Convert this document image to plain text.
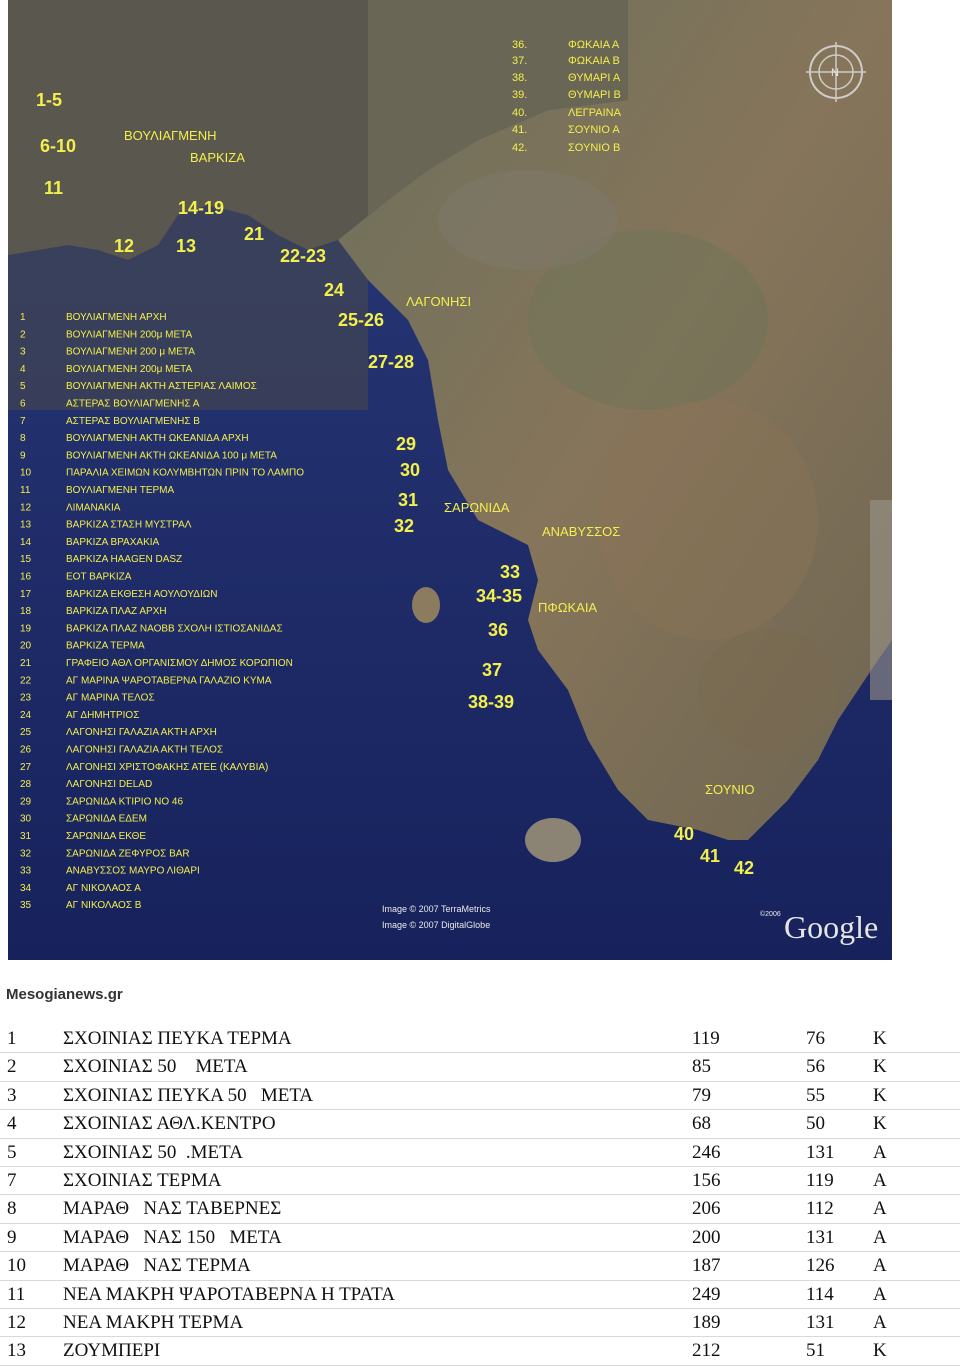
N
36.	ΦΩΚΑΙΑ Α
37.	ΦΩΚΑΙΑ Β
38.	ΘΥΜΑΡΙ Α
39.	ΘΥΜΑΡΙ Β
40.	ΛΕΓΡΑΙΝΑ
41.	ΣΟΥΝΙΟ Α
42.	ΣΟΥΝΙΟ Β
1	ΒΟΥΛΙΑΓΜΕΝΗ ΑΡΧΗ
2	ΒΟΥΛΙΑΓΜΕΝΗ 200μ ΜΕΤΑ
3	ΒΟΥΛΙΑΓΜΕΝΗ 200 μ ΜΕΤΑ
4	ΒΟΥΛΙΑΓΜΕΝΗ 200μ ΜΕΤΑ
5	ΒΟΥΛΙΑΓΜΕΝΗ ΑΚΤΗ ΑΣΤΕΡΙΑΣ ΛΑΙΜΟΣ
6	ΑΣΤΕΡΑΣ ΒΟΥΛΙΑΓΜΕΝΗΣ Α
7	ΑΣΤΕΡΑΣ ΒΟΥΛΙΑΓΜΕΝΗΣ Β
8	ΒΟΥΛΙΑΓΜΕΝΗ ΑΚΤΗ ΩΚΕΑΝΙΔΑ ΑΡΧΗ
9	ΒΟΥΛΙΑΓΜΕΝΗ ΑΚΤΗ ΩΚΕΑΝΙΔΑ 100 μ ΜΕΤΑ
10	ΠΑΡΑΛΙΑ ΧΕΙΜΩΝ ΚΟΛΥΜΒΗΤΩΝ ΠΡΙΝ ΤΟ ΛΑΜΠΟ
11	ΒΟΥΛΙΑΓΜΕΝΗ ΤΕΡΜΑ
12	ΛΙΜΑΝΑΚΙΑ
13	ΒΑΡΚΙΖΑ ΣΤΑΣΗ ΜΥΣΤΡΑΛ
14	ΒΑΡΚΙΖΑ ΒΡΑΧΑΚΙΑ
15	ΒΑΡΚΙΖΑ HAAGEN DASZ
16	ΕΟΤ ΒΑΡΚΙΖΑ
17	ΒΑΡΚΙΖΑ ΕΚΘΕΣΗ ΑΟΥΛΟΥΔΙΩΝ
18	ΒΑΡΚΙΖΑ ΠΛΑΖ ΑΡΧΗ
19	ΒΑΡΚΙΖΑ ΠΛΑΖ ΝΑΟΒΒ ΣΧΟΛΗ ΙΣΤΙΟΣΑΝΙΔΑΣ
20	ΒΑΡΚΙΖΑ ΤΕΡΜΑ
21	ΓΡΑΦΕΙΟ ΑΘΛ ΟΡΓΑΝΙΣΜΟΥ ΔΗΜΟΣ ΚΟΡΩΠΙΟΝ
22	ΑΓ ΜΑΡΙΝΑ ΨΑΡΟΤΑΒΕΡΝΑ ΓΑΛΑΖΙΟ ΚΥΜΑ
23	ΑΓ ΜΑΡΙΝΑ ΤΕΛΟΣ
24	ΑΓ ΔΗΜΗΤΡΙΟΣ
25	ΛΑΓΟΝΗΣΙ ΓΑΛΑΖΙΑ ΑΚΤΗ ΑΡΧΗ
26	ΛΑΓΟΝΗΣΙ ΓΑΛΑΖΙΑ ΑΚΤΗ ΤΕΛΟΣ
27	ΛΑΓΟΝΗΣΙ ΧΡΙΣΤΟΦΑΚΗΣ ΑΤΕΕ (ΚΑΛΥΒΙΑ)
28	ΛΑΓΟΝΗΣΙ DELAD
29	ΣΑΡΩΝΙΔΑ ΚΤΙΡΙΟ ΝΟ 46
30	ΣΑΡΩΝΙΔΑ ΕΔΕΜ
31	ΣΑΡΩΝΙΔΑ ΕΚΘΕ
32	ΣΑΡΩΝΙΔΑ ΖΕΦΥΡΟΣ BAR
33	ΑΝΑΒΥΣΣΟΣ ΜΑΥΡΟ ΛΙΘΑΡΙ
34	ΑΓ ΝΙΚΟΛΑΟΣ Α
35	ΑΓ ΝΙΚΟΛΑΟΣ Β
ΒΟΥΛΙΑΓΜΕΝΗ
ΒΑΡΚΙΖΑ
ΛΑΓΟΝΗΣΙ
ΣΑΡΩΝΙΔΑ
ΑΝΑΒΥΣΣΟΣ
ΠΦΩΚΑΙΑ
ΣΟΥΝΙΟ
1-5
6-10
11
14-19
12 13
21
22-23
24
25-26
27-28
29
30
31
32
33
34-35
36
37
38-39
40
41
42
Image © 2007 TerraMetrics
Image © 2007 DigitalGlobe
©2006 Google
Mesogianews.gr
1 ΣΧΟΙΝΙΑΣ ΠΕΥΚΑ ΤΕΡΜΑ	119	76	Κ
2 ΣΧΟΙΝΙΑΣ 50    ΜΕΤΑ	85	56	Κ
3 ΣΧΟΙΝΙΑΣ ΠΕΥΚΑ 50   ΜΕΤΑ	79	55	Κ
4 ΣΧΟΙΝΙΑΣ ΑΘΛ.ΚΕΝΤΡΟ	68	50	Κ
5 ΣΧΟΙΝΙΑΣ 50  .ΜΕΤΑ	246	131 Α
7 ΣΧΟΙΝΙΑΣ ΤΕΡΜΑ	156	119 Α
8 ΜΑΡΑΘ   ΝΑΣ ΤΑΒΕΡΝΕΣ	206	112 Α
9 ΜΑΡΑΘ   ΝΑΣ 150   ΜΕΤΑ	200	131 Α
10 ΜΑΡΑΘ   ΝΑΣ ΤΕΡΜΑ	187	126 Α
11 ΝΕΑ ΜΑΚΡΗ ΨΑΡΟΤΑΒΕΡΝΑ Η ΤΡΑΤΑ	249	114 Α
12 ΝΕΑ ΜΑΚΡΗ ΤΕΡΜΑ	189	131 Α
13 ΖΟΥΜΠΕΡΙ	212	51	Κ
